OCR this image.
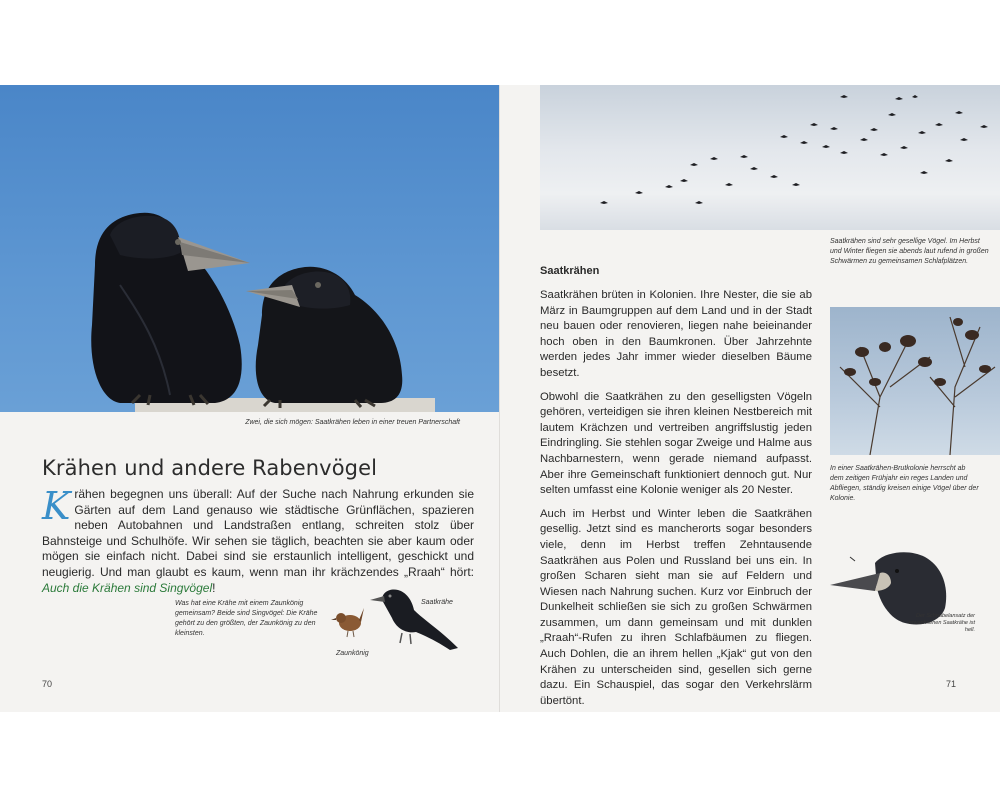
Zwei, die sich mögen: Saatkrähen leben in einer treuen Partnerschaft
Krähen und andere Rabenvögel
Krähen begegnen uns überall: Auf der Suche nach Nahrung erkunden sie Gärten auf dem Land genauso wie städtische Grünflächen, spazieren neben Autobahnen und Landstraßen entlang, schreiten stolz über Bahnsteige und Schulhöfe. Wir sehen sie täglich, beachten sie aber kaum oder mögen sie einfach nicht. Dabei sind sie erstaunlich intelligent, geschickt und neugierig. Und man glaubt es kaum, wenn man ihr krächzendes „Rraah“ hört: Auch die Krähen sind Singvögel!
Was hat eine Krähe mit einem Zaunkönig gemeinsam? Beide sind Singvögel: Die Krähe gehört zu den größten, der Zaunkönig zu den kleinsten.
Saatkrähe
Zaunkönig
70
Saatkrähen

Saatkrähen brüten in Kolonien. Ihre Nester, die sie ab März in Baumgruppen auf dem Land und in der Stadt neu bauen oder renovieren, liegen nahe beieinander hoch oben in den Baumkronen. Über Jahrzehnte werden jedes Jahr immer wieder dieselben Bäume besetzt.

Obwohl die Saatkrähen zu den geselligsten Vögeln gehören, verteidigen sie ihren kleinen Nestbereich mit lautem Krächzen und vertreiben angriffslustig jeden Eindringling. Sie stehlen sogar Zweige und Halme aus Nachbarnestern, wenn gerade niemand aufpasst. Aber ihre Gemeinschaft funktioniert dennoch gut. Nur selten umfasst eine Kolonie weniger als 20 Nester.

Auch im Herbst und Winter leben die Saatkrähen gesellig. Jetzt sind es mancherorts sogar besonders viele, denn im Herbst treffen Zehntausende Saatkrähen aus Polen und Russland bei uns ein. In großen Scharen sieht man sie auf Feldern und Wiesen nach Nahrung suchen. Kurz vor Einbruch der Dunkelheit schließen sie sich zu großen Schwärmen zusammen, um dann gemeinsam und mit dunklen „Rraah“-Rufen zu ihren Schlafbäumen zu fliegen. Auch Dohlen, die an ihrem hellen „Kjak“ gut von den Krähen zu unterscheiden sind, gesellen sich gerne dazu. Ein Schauspiel, das sogar den Verkehrslärm übertönt.

Saatkrähen sind sehr gesellige Vögel. Im Herbst und Winter fliegen sie abends laut rufend in großen Schwärmen zu gemeinsamen Schlafplätzen.
In einer Saatkrähen-Brutkolonie herrscht ab dem zeitigen Frühjahr ein reges Landen und Abfliegen, ständig kreisen einige Vögel über der Kolonie.
Der Schnabelansatz der erwachsenen Saatkrähe ist hell.
71
